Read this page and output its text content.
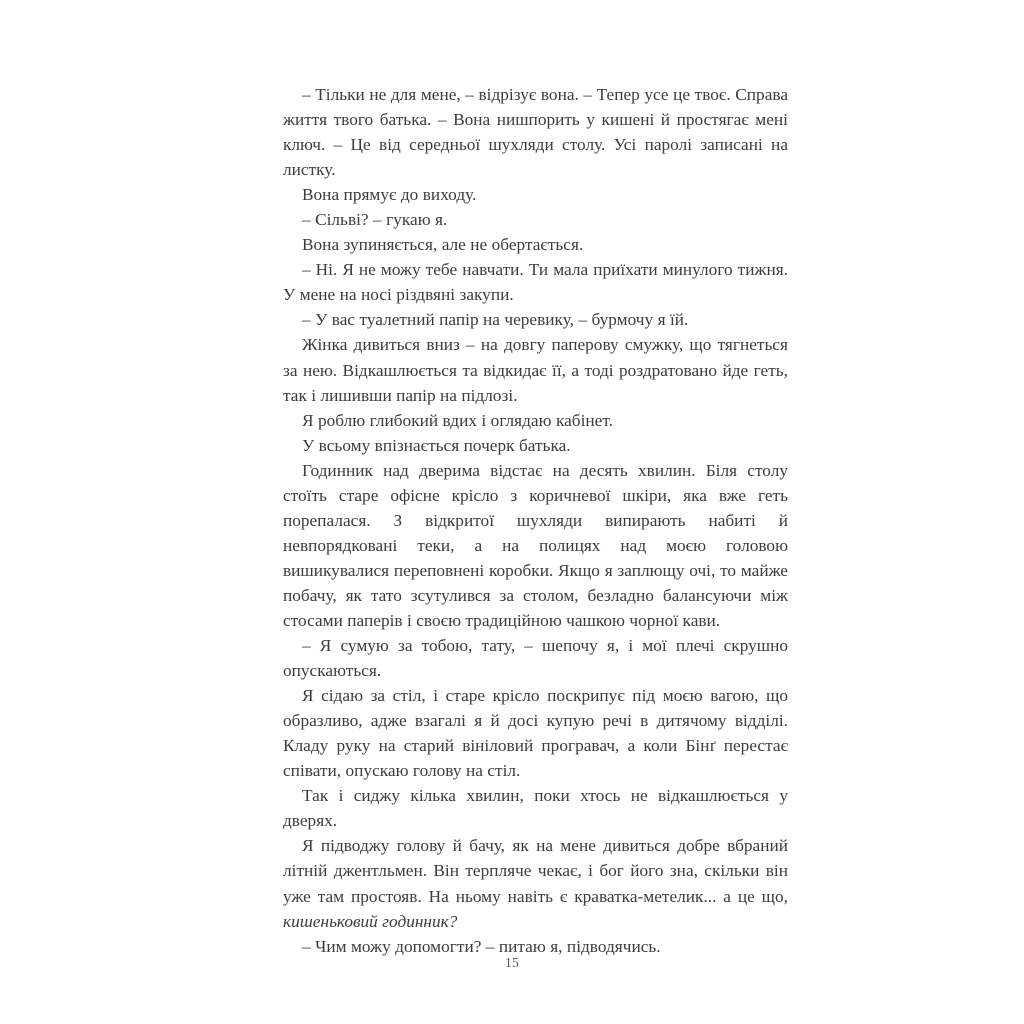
– Тільки не для мене, – відрізує вона. – Тепер усе це твоє. Справа життя твого батька. – Вона нишпорить у кишені й простягає мені ключ. – Це від середньої шухляди столу. Усі паролі записані на листку.

Вона прямує до виходу.

– Сільві? – гукаю я.

Вона зупиняється, але не обертається.

– Ні. Я не можу тебе навчати. Ти мала приїхати минулого тижня. У мене на носі різдвяні закупи.

– У вас туалетний папір на черевику, – бурмочу я їй.

Жінка дивиться вниз – на довгу паперову смужку, що тягнеться за нею. Відкашлюється та відкидає її, а тоді роздратовано йде геть, так і лишивши папір на підлозі.

Я роблю глибокий вдих і оглядаю кабінет.

У всьому впізнається почерк батька.

Годинник над дверима відстає на десять хвилин. Біля столу стоїть старе офісне крісло з коричневої шкіри, яка вже геть порепалася. З відкритої шухляди випирають набиті й невпорядковані теки, а на полицях над моєю головою вишикувалися переповнені коробки. Якщо я заплющу очі, то майже побачу, як тато зсутулився за столом, безладно балансуючи між стосами паперів і своєю традиційною чашкою чорної кави.

– Я сумую за тобою, тату, – шепочу я, і мої плечі скрушно опускаються.

Я сідаю за стіл, і старе крісло поскрипує під моєю вагою, що образливо, адже взагалі я й досі купую речі в дитячому відділі. Кладу руку на старий вініловий програвач, а коли Бінґ перестає співати, опускаю голову на стіл.

Так і сиджу кілька хвилин, поки хтось не відкашлюється у дверях.

Я підводжу голову й бачу, як на мене дивиться добре вбраний літній джентльмен. Він терпляче чекає, і бог його зна, скільки він уже там простояв. На ньому навіть є краватка-метелик... а це що, кишеньковий годинник?

– Чим можу допомогти? – питаю я, підводячись.

15
